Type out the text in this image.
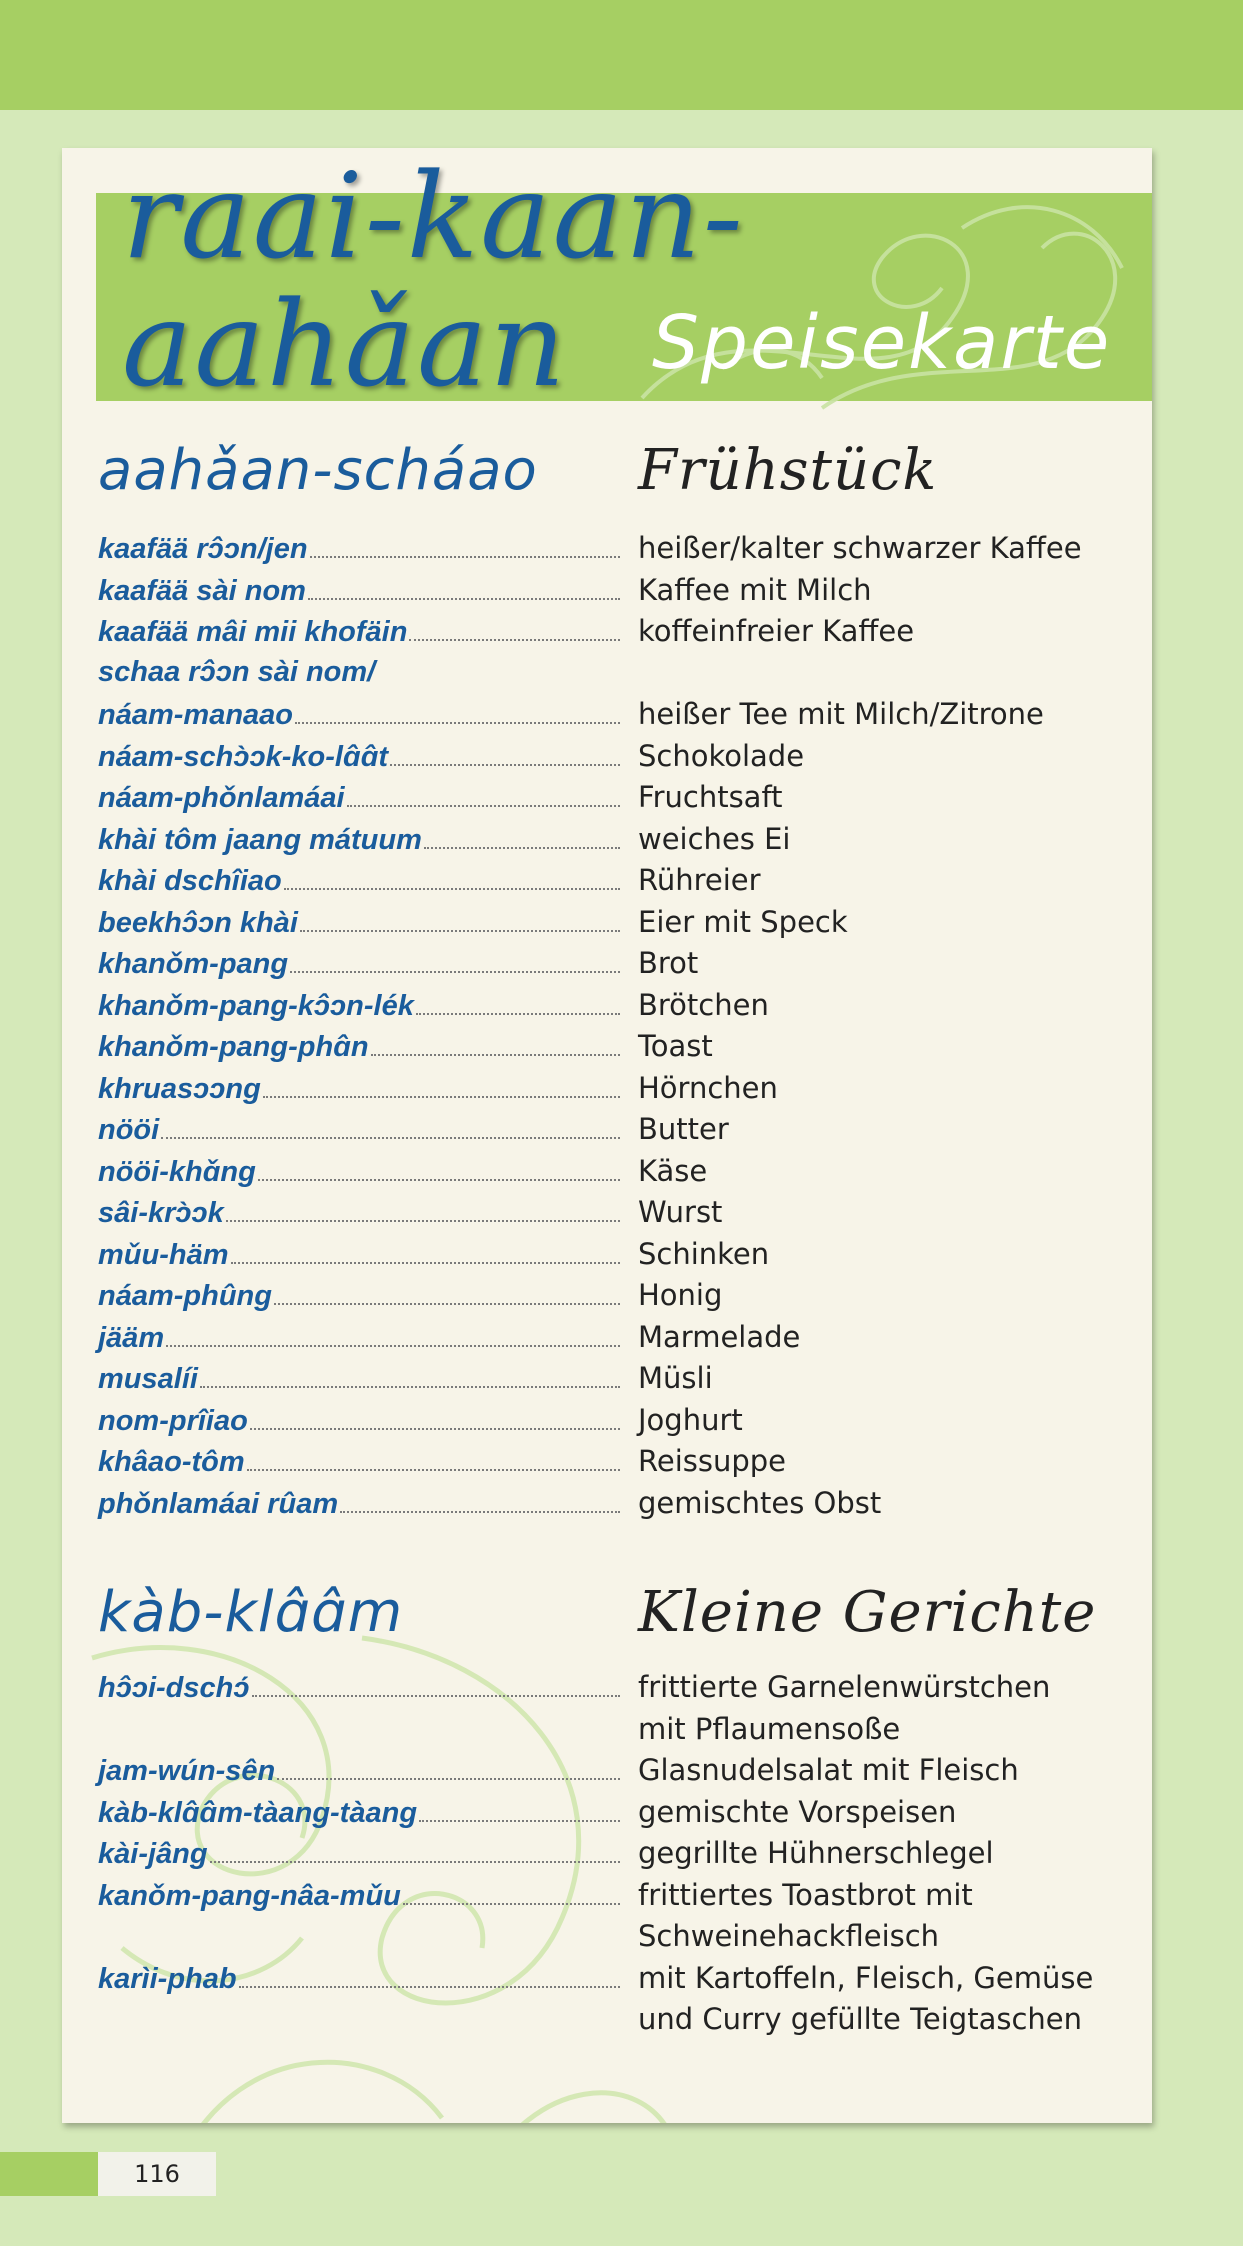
raai-kaan-
aahǎan	Speisekarte
aahǎan-scháao Frühstück
kaafää rɔ̂ɔn/jen	heißer/kalter schwarzer Kaffee
kaafää sài nom	Kaffee mit Milch
kaafää mâi mii khofäin	koffeinfreier Kaffee
schaa rɔ̂ɔn sài nom/
náam-manaao	heißer Tee mit Milch/Zitrone
náam-schɔ̀ɔk-ko-lɑ̂ɑ̂t	Schokolade
náam-phǒnlamáai	Fruchtsaft
khài tôm jaang mátuum	weiches Ei
khài dschîiao	Rühreier
beekhɔ̂ɔn khài	Eier mit Speck
khanǒm-pang	Brot
khanǒm-pang-kɔ̂ɔn-lék	Brötchen
khanǒm-pang-phɑ̂n	Toast
khruasɔɔng	Hörnchen
nööi	Butter
nööi-khɑ̌ng	Käse
sâi-krɔ̀ɔk	Wurst
mǔu-häm	Schinken
náam-phûng	Honig
jääm	Marmelade
musalíi	Müsli
nom-prîiao	Joghurt
khâao-tôm	Reissuppe
phǒnlamáai rûam	gemischtes Obst
kàb-klɑ̂ɑ̂m	Kleine Gerichte
hɔ̂ɔi-dschɔ́	frittierte Garnelenwürstchen
mit Pflaumensoße
jam-wún-sên	Glasnudelsalat mit Fleisch
kàb-klɑ̂ɑ̂m-tàang-tàang	gemischte Vorspeisen
kài-jâng	gegrillte Hühnerschlegel
kanǒm-pang-nâa-mǔu	frittiertes Toastbrot mit
Schweinehackfleisch
karìi-phab	mit Kartoffeln, Fleisch, Gemüse
und Curry gefüllte Teigtaschen
116
